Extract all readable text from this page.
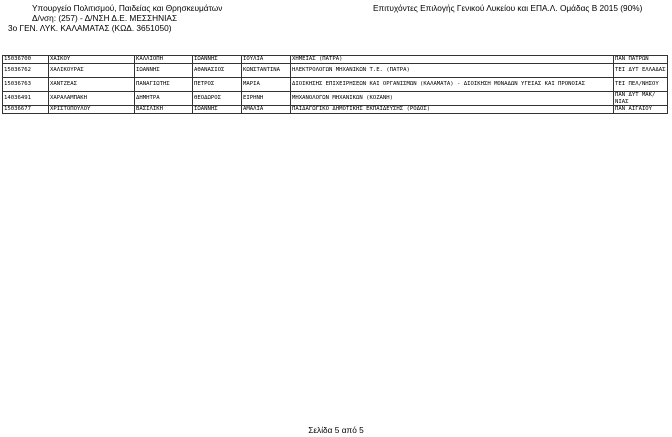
Υπουργείο Πολιτισμού, Παιδείας και Θρησκευμάτων
Δ/νση: (257) - Δ/ΝΣΗ Δ.Ε. ΜΕΣΣΗΝΙΑΣ
3ο ΓΕΝ. ΛΥΚ. ΚΑΛΑΜΑΤΑΣ (ΚΩΔ. 3651050)
Επιτυχόντες Επιλογής Γενικού Λυκείου και ΕΠΑ.Λ. Ομάδας Β 2015 (90%)
15036700	ΧΑΪΚΟΥ	ΚΑΛΛΙΟΠΗ	ΙΩΑΝΝΗΣ	ΙΟΥΛΙΑ	ΧΗΜΕΙΑΣ (ΠΑΤΡΑ)	ΠΑΝ ΠΑΤΡΩΝ
15036762	ΧΑΛΙΚΟΥΡΑΣ	ΙΩΑΝΝΗΣ	ΑΘΑΝΑΣΙΟΣ	ΚΩΝΣΤΑΝΤΙΝΑ	ΗΛΕΚΤΡΟΛΟΓΩΝ ΜΗΧΑΝΙΚΩΝ Τ.Ε. (ΠΑΤΡΑ)	ΤΕΙ ΔΥΤ ΕΛΛΑΔΑΣ
15036763	ΧΑΝΤΖΕΑΣ	ΠΑΝΑΓΙΩΤΗΣ	ΠΕΤΡΟΣ	ΜΑΡΙΑ	ΔΙΟΙΚΗΣΗΣ ΕΠΙΧΕΙΡΗΣΕΩΝ ΚΑΙ ΟΡΓΑΝΙΣΜΩΝ (ΚΑΛΑΜΑΤΑ) - ΔΙΟΙΚΗΣΗ ΜΟΝΑΔΩΝ ΥΓΕΙΑΣ ΚΑΙ ΠΡΟΝΟΙΑΣ	ΤΕΙ ΠΕΛ/ΝΗΣΟΥ
14036491	ΧΑΡΑΛΑΜΠΑΚΗ	ΔΗΜΗΤΡΑ	ΘΕΟΔΩΡΟΣ	ΕΙΡΗΝΗ	ΜΗΧΑΝΟΛΟΓΩΝ ΜΗΧΑΝΙΚΩΝ (ΚΟΖΑΝΗ)	ΠΑΝ ΔΥΤ ΜΑΚ/ΝΙΑΣ
15036677	ΧΡΙΣΤΟΠΟΥΛΟΥ	ΒΑΣΙΛΙΚΗ	ΙΩΑΝΝΗΣ	ΑΜΑΛΙΑ	ΠΑΙΔΑΓΩΓΙΚΟ ΔΗΜΟΤΙΚΗΣ ΕΚΠΑΙΔΕΥΣΗΣ (ΡΟΔΟΣ)	ΠΑΝ ΑΙΓΑΙΟΥ
Σελίδα 5 από 5
